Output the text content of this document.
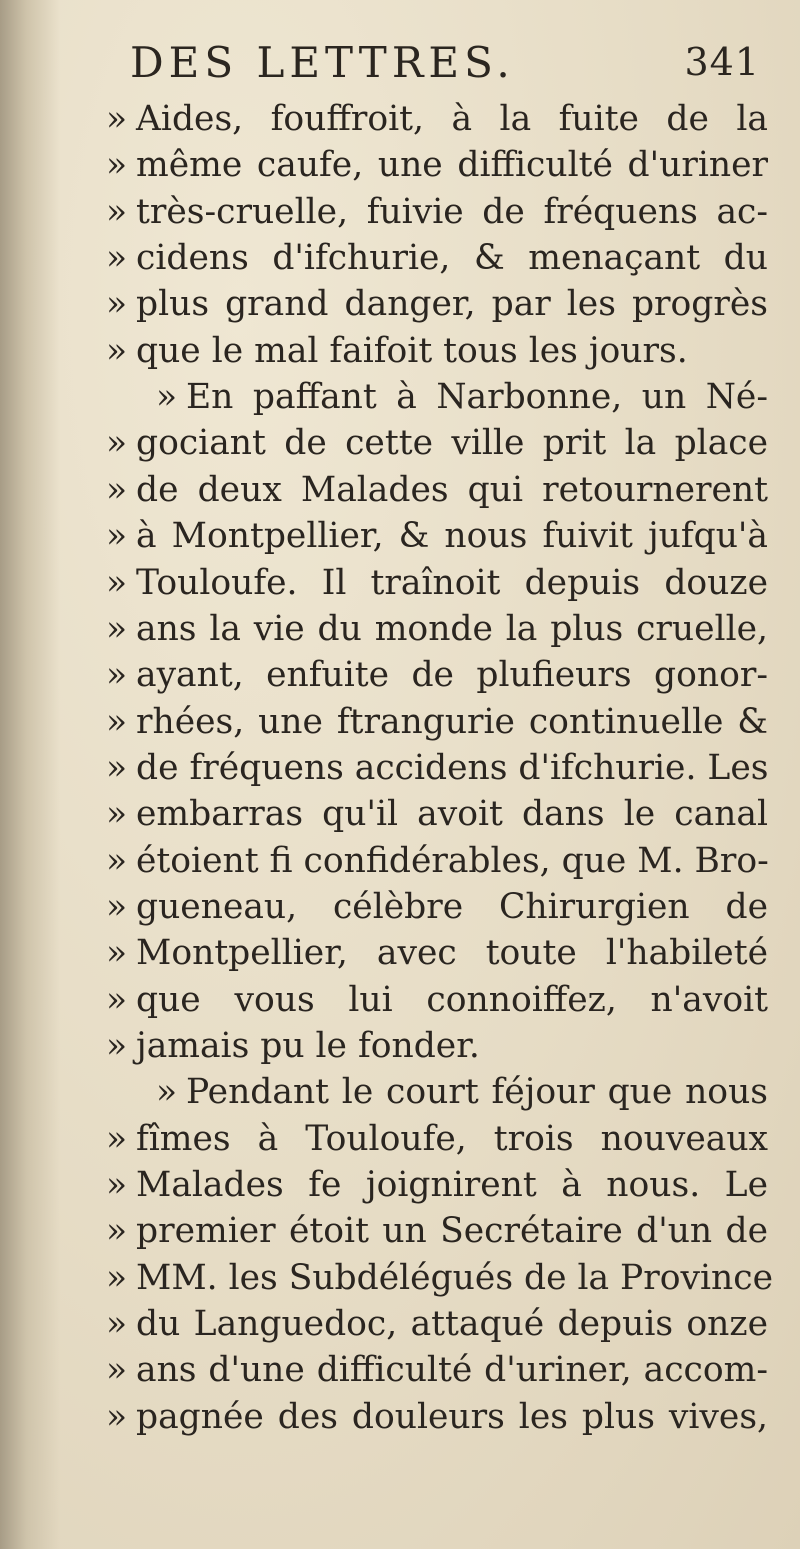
DES LETTRES.	341
» Aides, fouffroit, à la fuite de la
» même caufe, une difficulté d'uriner
» très-cruelle, fuivie de fréquens ac-
» cidens d'ifchurie, & menaçant du
» plus grand danger, par les progrès
» que le mal faifoit tous les jours.
» En paffant à Narbonne, un Né-
» gociant de cette ville prit la place
» de deux Malades qui retournerent
» à Montpellier, & nous fuivit jufqu'à
» Touloufe. Il traînoit depuis douze
» ans la vie du monde la plus cruelle,
» ayant, enfuite de plufieurs gonor-
» rhées, une ftrangurie continuelle &
» de fréquens accidens d'ifchurie. Les
» embarras qu'il avoit dans le canal
» étoient fi confidérables, que M. Bro-
» gueneau, célèbre Chirurgien de
» Montpellier, avec toute l'habileté
» que vous lui connoiffez, n'avoit
» jamais pu le fonder.
» Pendant le court féjour que nous
» fîmes à Touloufe, trois nouveaux
» Malades fe joignirent à nous. Le
» premier étoit un Secrétaire d'un de
» MM. les Subdélégués de la Province
» du Languedoc, attaqué depuis onze
» ans d'une difficulté d'uriner, accom-
» pagnée des douleurs les plus vives,
